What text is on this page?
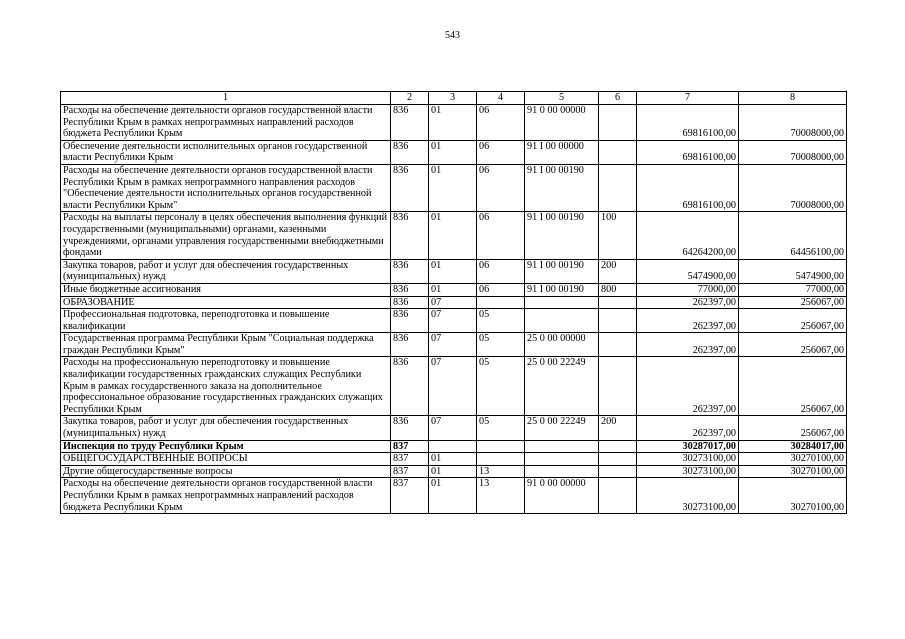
543
1	2	3	4	5	6	7	8
Расходы на обеспечение деятельности органов государственной власти Республики Крым в рамках непрограммных направлений расходов бюджета Республики Крым	836	01	06	91 0 00 00000		69816100,00	70008000,00
Обеспечение деятельности исполнительных органов государственной власти Республики Крым	836	01	06	91 I 00 00000		69816100,00	70008000,00
Расходы на обеспечение деятельности органов государственной власти Республики Крым в рамках непрограммного направления расходов "Обеспечение деятельности исполнительных органов государственной власти Республики Крым"	836	01	06	91 I 00 00190		69816100,00	70008000,00
Расходы на выплаты персоналу в целях обеспечения выполнения функций государственными (муниципальными) органами, казенными учреждениями, органами управления государственными внебюджетными фондами	836	01	06	91 I 00 00190	100	64264200,00	64456100,00
Закупка товаров, работ и услуг для обеспечения государственных (муниципальных) нужд	836	01	06	91 I 00 00190	200	5474900,00	5474900,00
Иные бюджетные ассигнования	836	01	06	91 I 00 00190	800	77000,00	77000,00
ОБРАЗОВАНИЕ	836	07				262397,00	256067,00
Профессиональная подготовка, переподготовка и повышение квалификации	836	07	05			262397,00	256067,00
Государственная программа Республики Крым "Социальная поддержка граждан Республики Крым"	836	07	05	25 0 00 00000		262397,00	256067,00
Расходы на профессиональную переподготовку и повышение квалификации государственных гражданских служащих Республики Крым в рамках государственного заказа на дополнительное профессиональное образование государственных гражданских служащих Республики Крым	836	07	05	25 0 00 22249		262397,00	256067,00
Закупка товаров, работ и услуг для обеспечения государственных (муниципальных) нужд	836	07	05	25 0 00 22249	200	262397,00	256067,00
Инспекция по труду Республики Крым	837					30287017,00	30284017,00
ОБЩЕГОСУДАРСТВЕННЫЕ ВОПРОСЫ	837	01				30273100,00	30270100,00
Другие общегосударственные вопросы	837	01	13			30273100,00	30270100,00
Расходы на обеспечение деятельности органов государственной власти Республики Крым в рамках непрограммных направлений расходов бюджета Республики Крым	837	01	13	91 0 00 00000		30273100,00	30270100,00
